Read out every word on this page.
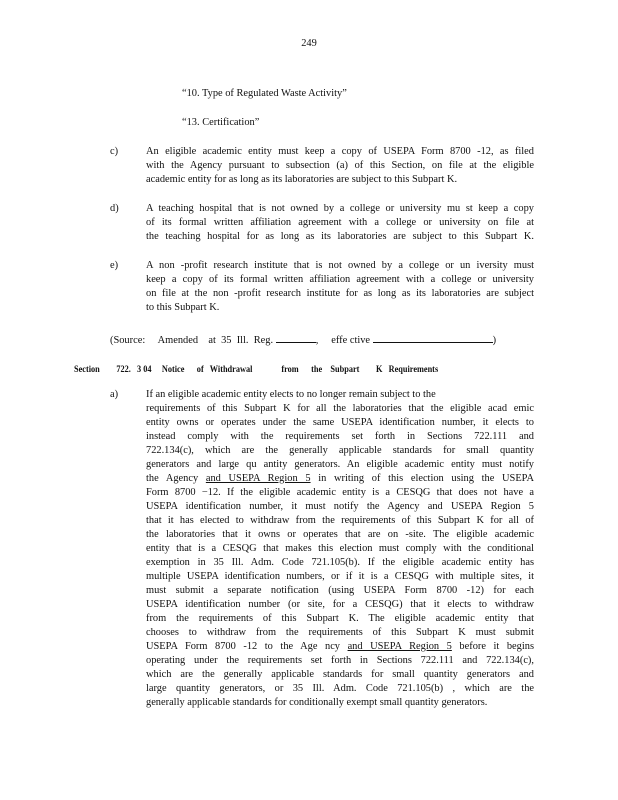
249
“10. Type of Regulated Waste Activity”
“13. Certification”
c)	An eligible academic entity must keep a copy of USEPA Form 8700 -12, as filed
with the Agency pursuant to subsection (a) of this Section, on file at the eligible
academic entity for as long as its laboratories are subject to this Subpart K.
d)	A teaching hospital that is not owned by a college or university mu st keep a copy
of its formal written affiliation agreement with a college or university on file at
the teaching hospital for as long as its laboratories are subject to this Subpart K.
e)	A non -profit research institute that is not owned by a college or un iversity must
keep a copy of its formal written affiliation agreement with a college or university
on file at the non -profit research institute for as long as its laboratories are subject
to this Subpart K.
(Source: Amended at  35  Ill.  Reg.	, effe ctive	)
Section 722.   3 04 Notice      of   Withdrawal              from      the    Subpart        K   Requirements
a)	If an eligible academic entity elects to no longer remain subject to the
requirements of this Subpart K for all the laboratories that the eligible acad emic
entity owns or operates under the same USEPA identification number, it elects to
instead comply with the requirements set forth in Sections 722.111 and
722.134(c), which are the generally applicable standards for small quantity
generators and large qu antity generators. An eligible academic entity must notify
the Agency and USEPA Region 5 in writing of this election using the USEPA
Form 8700 −12. If the eligible academic entity is a CESQG that does not have a
USEPA identification number, it must notify the Agency and USEPA Region 5
that it has elected to withdraw from the requirements of this Subpart K for all of
the laboratories that it owns or operates that are on -site. The eligible academic
entity that is a CESQG that makes this election must comply with the conditional
exemption in 35 Ill. Adm. Code 721.105(b). If the eligible academic entity has
multiple USEPA identification numbers, or if it is a CESQG with multiple sites, it
must submit a separate notification (using USEPA Form 8700 -12) for each
USEPA identification number (or site, for a CESQG) that it elects to withdraw
from the requirements of this Subpart K. The eligible academic entity that
chooses to withdraw from the requirements of this Subpart K must submit
USEPA Form 8700 -12 to the Age ncy and USEPA Region 5 before it begins
operating under the requirements set forth in Sections 722.111 and 722.134(c),
which are the generally applicable standards for small quantity generators and
large quantity generators, or 35 Ill. Adm. Code 721.105(b) , which are the
generally applicable standards for conditionally exempt small quantity generators.
